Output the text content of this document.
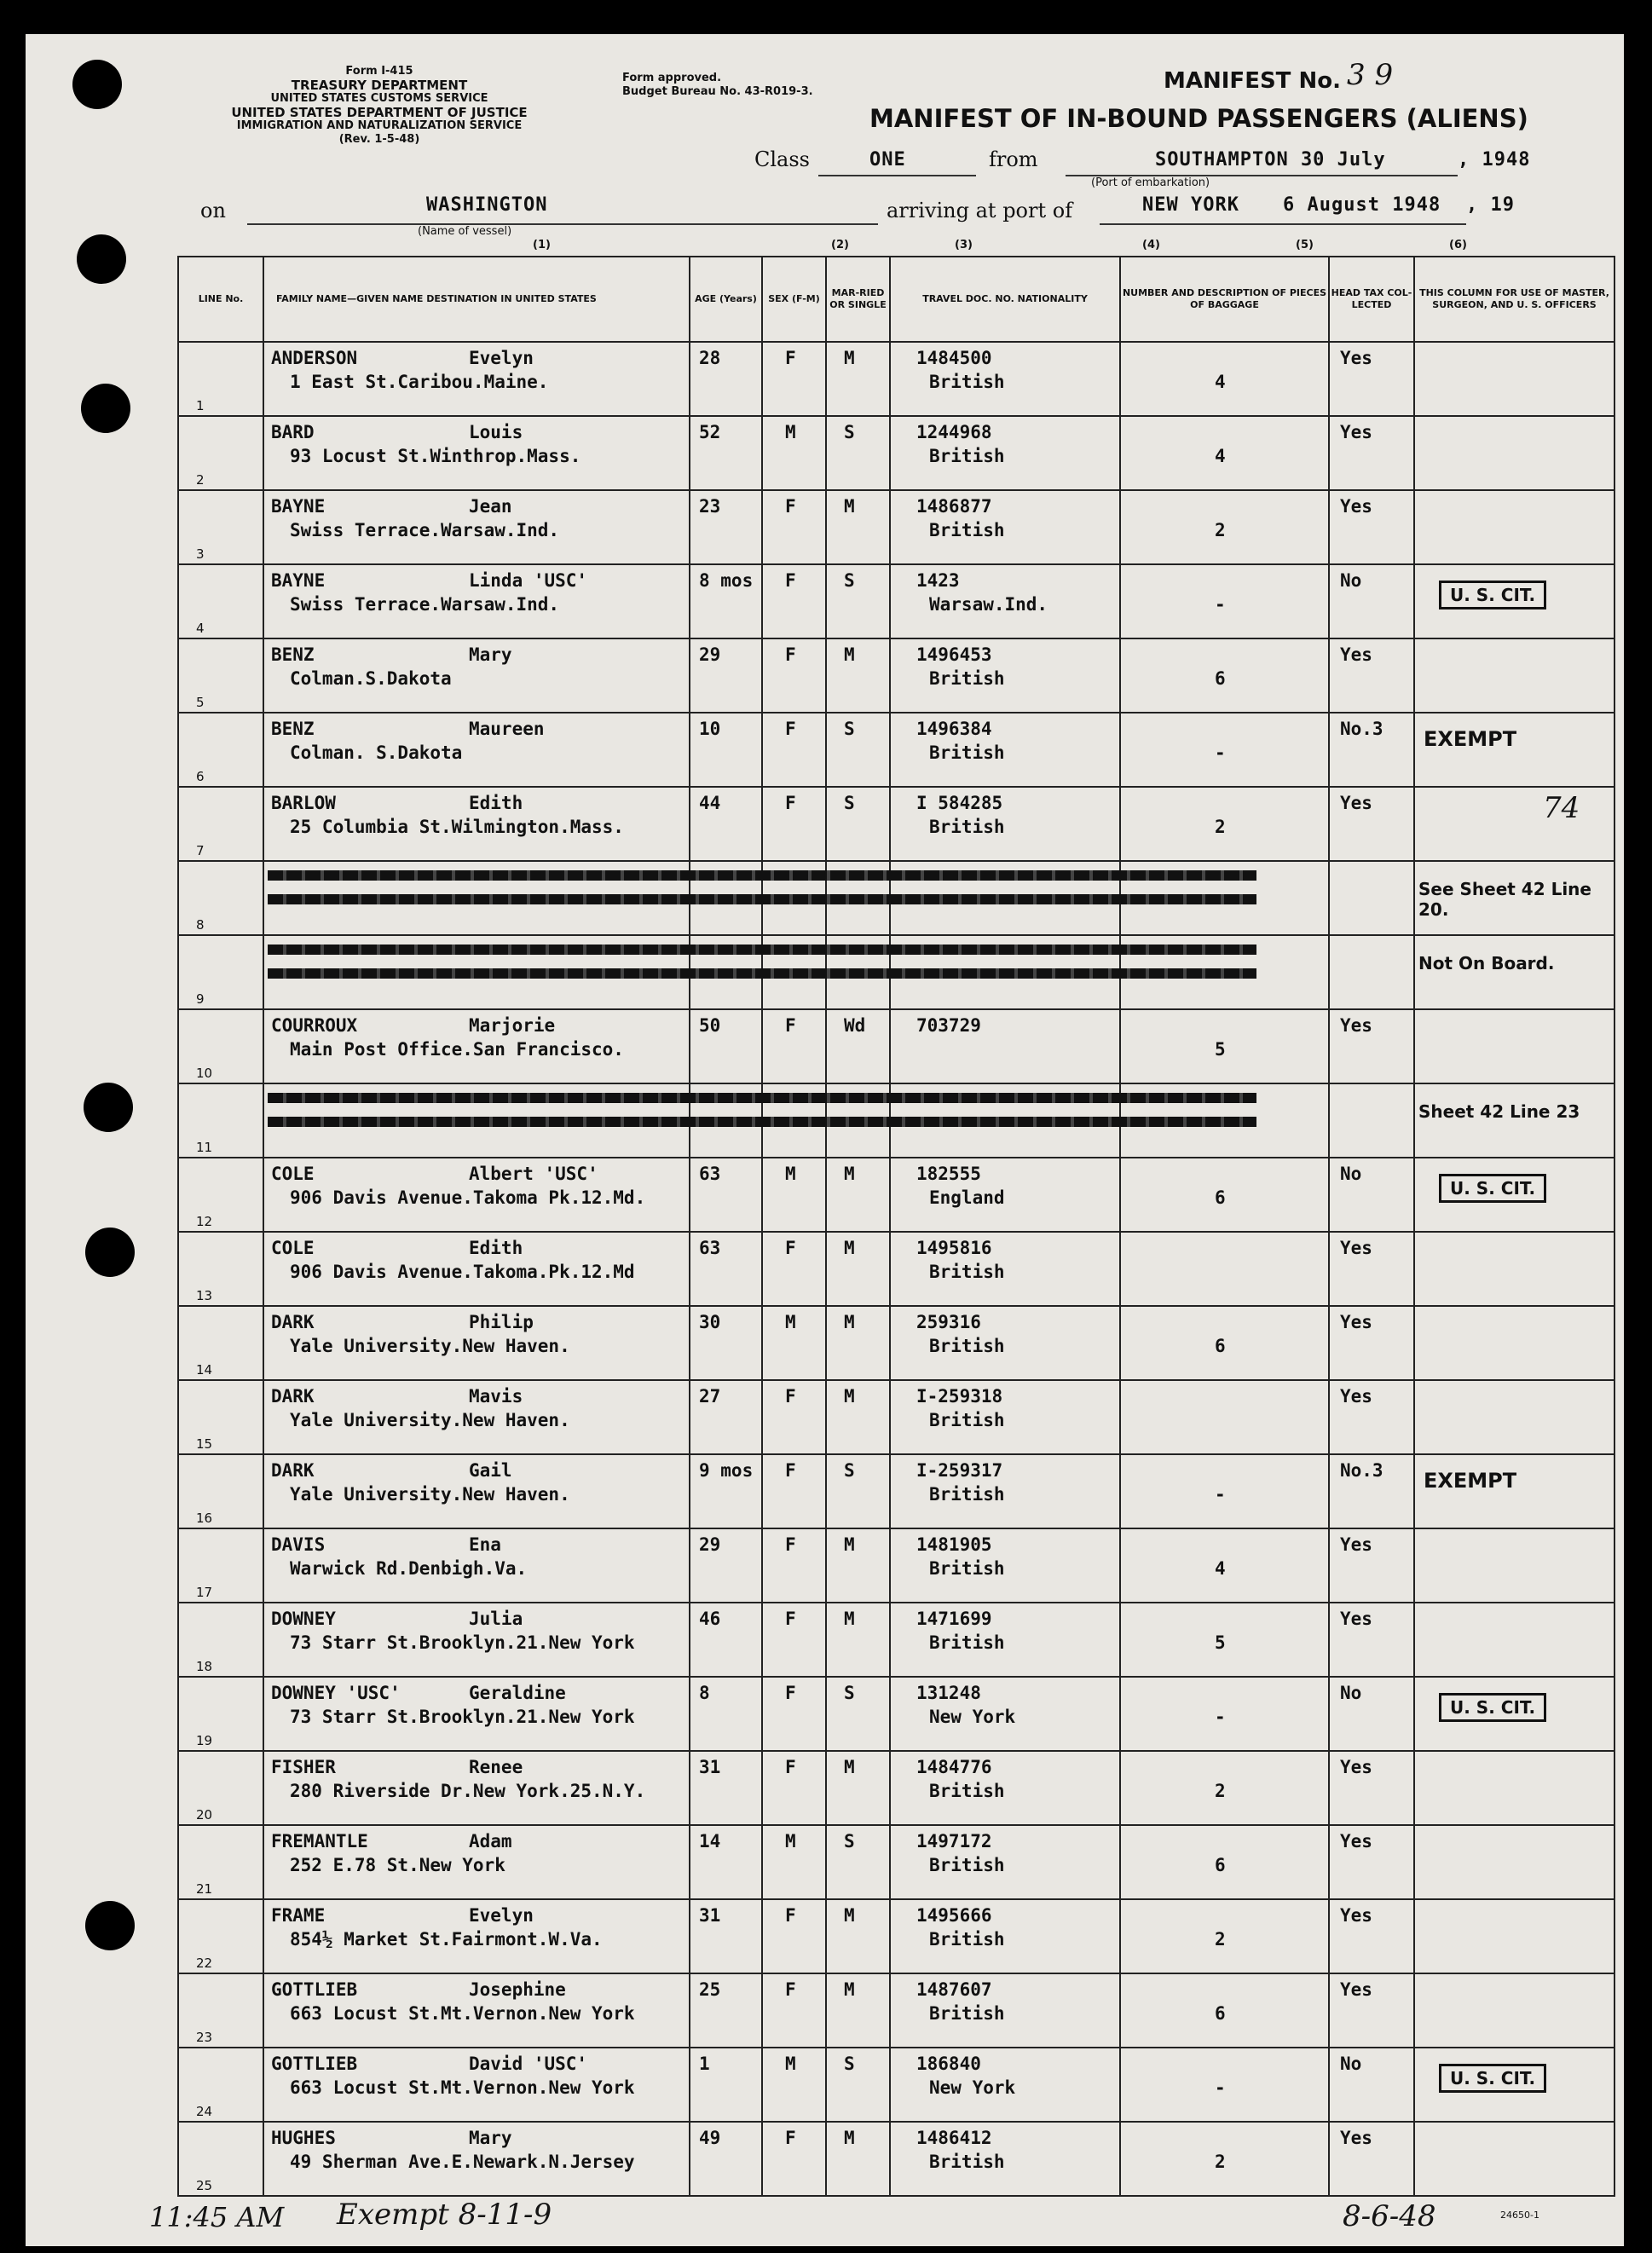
Form I-415
TREASURY DEPARTMENT
UNITED STATES CUSTOMS SERVICE
UNITED STATES DEPARTMENT OF JUSTICE
IMMIGRATION AND NATURALIZATION SERVICE
(Rev. 1-5-48)
Form approved.
Budget Bureau No. 43-R019-3.	MANIFEST No. 3 9
MANIFEST OF IN-BOUND PASSENGERS (ALIENS)
Class	ONE	from	SOUTHAMPTON 30 July	, 1948
(Port of embarkation)
on	WASHINGTON
(Name of vessel)
arriving at port of	NEW YORK 6 August 1948 , 19
(1)	(2)	(3)	(4)	(5)	(6)
LINE No.	FAMILY NAME—GIVEN NAME DESTINATION IN UNITED STATES	AGE (Years)	SEX (F-M)	MAR-RIED OR SINGLE	TRAVEL DOC. NO. NATIONALITY	NUMBER AND DESCRIPTION OF PIECES OF BAGGAGE	HEAD TAX COL-LECTED	THIS COLUMN FOR USE OF MASTER, SURGEON, AND U. S. OFFICERS

1	ANDERSON Evelyn
1 East St.Caribou.Maine.	28	F	M	1484500
British	4	Yes	

2	BARD Louis
93 Locust St.Winthrop.Mass.	52	M	S	1244968
British	4	Yes	

3	BAYNE Jean
Swiss Terrace.Warsaw.Ind.	23	F	M	1486877
British	2	Yes	

4	BAYNE Linda 'USC'
Swiss Terrace.Warsaw.Ind.	8 mos	F	S	1423
Warsaw.Ind.	-	No	U. S. CIT.

5	BENZ Mary
Colman.S.Dakota	29	F	M	1496453
British	6	Yes	

6	BENZ Maureen
Colman. S.Dakota	10	F	S	1496384
British	-	No.3	EXEMPT

7	BARLOW Edith
25 Columbia St.Wilmington.Mass.	44	F	S	I 584285
British	2	Yes	74

8								See Sheet 42 Line 20.

9								Not On Board.

10	COURROUX Marjorie
Main Post Office.San Francisco.	50	F	Wd	703729	5	Yes	

11								Sheet 42 Line 23

12	COLE Albert 'USC'
906 Davis Avenue.Takoma Pk.12.Md.	63	M	M	182555
England	6	No	U. S. CIT.

13	COLE Edith
906 Davis Avenue.Takoma.Pk.12.Md	63	F	M	1495816
British		Yes	

14	DARK Philip
Yale University.New Haven.	30	M	M	259316
British	6	Yes	

15	DARK Mavis
Yale University.New Haven.	27	F	M	I-259318
British		Yes	

16	DARK Gail
Yale University.New Haven.	9 mos	F	S	I-259317
British	-	No.3	EXEMPT

17	DAVIS Ena
Warwick Rd.Denbigh.Va.	29	F	M	1481905
British	4	Yes	

18	DOWNEY Julia
73 Starr St.Brooklyn.21.New York	46	F	M	1471699
British	5	Yes	

19	DOWNEY 'USC' Geraldine
73 Starr St.Brooklyn.21.New York	8	F	S	131248
New York	-	No	U. S. CIT.

20	FISHER Renee
280 Riverside Dr.New York.25.N.Y.	31	F	M	1484776
British	2	Yes	

21	FREMANTLE Adam
252 E.78 St.New York	14	M	S	1497172
British	6	Yes	

22	FRAME Evelyn
854½ Market St.Fairmont.W.Va.	31	F	M	1495666
British	2	Yes	

23	GOTTLIEB Josephine
663 Locust St.Mt.Vernon.New York	25	F	M	1487607
British	6	Yes	

24	GOTTLIEB David 'USC'
663 Locust St.Mt.Vernon.New York	1	M	S	186840
New York	-	No	U. S. CIT.

25	HUGHES Mary
49 Sherman Ave.E.Newark.N.Jersey	49	F	M	1486412
British	2	Yes	

11:45 AM Exempt 8-11-9	8-6-48	24650-1
